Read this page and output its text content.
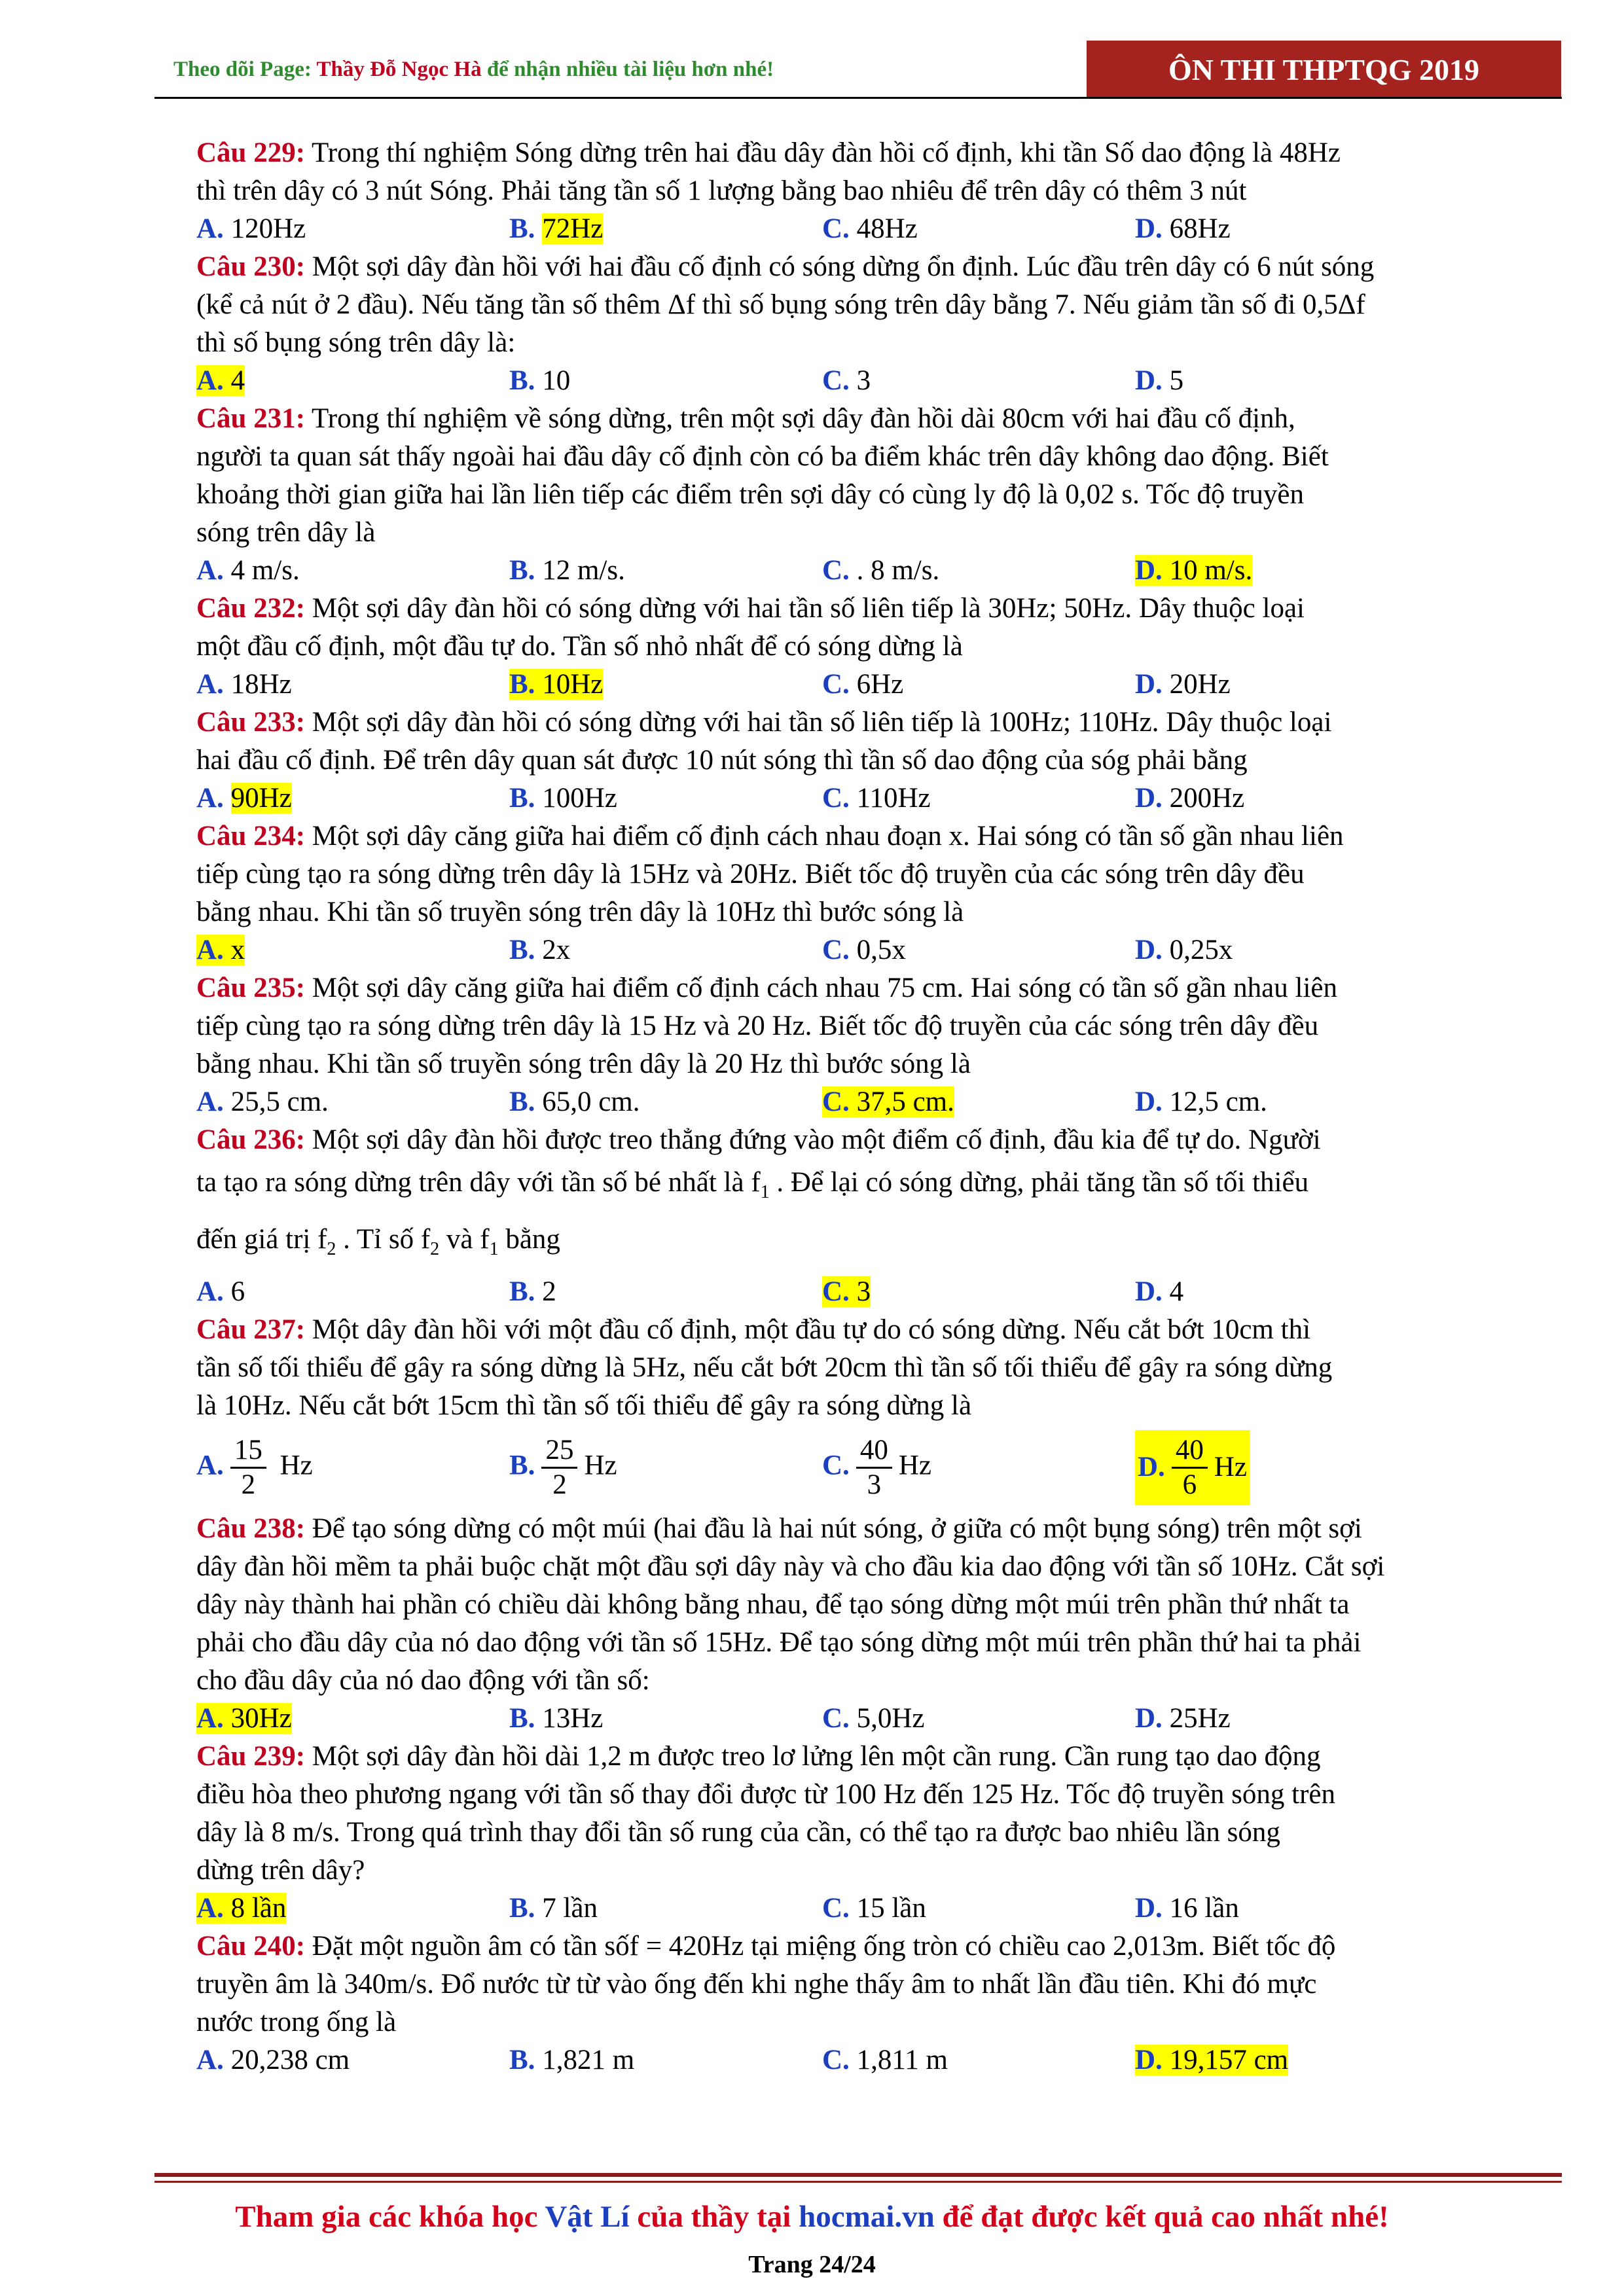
Theo dõi Page: Thầy Đỗ Ngọc Hà để nhận nhiều tài liệu hơn nhé!	ÔN THI THPTQG 2019
Câu 229: Trong thí nghiệm Sóng dừng trên hai đầu dây đàn hồi cố định, khi tần Số dao động là 48Hz
thì trên dây có 3 nút Sóng. Phải tăng tần số 1 lượng bằng bao nhiêu để trên dây có thêm 3 nút
A. 120Hz	B. 72Hz	C. 48Hz	D. 68Hz
Câu 230: Một sợi dây đàn hồi với hai đầu cố định có sóng dừng ổn định. Lúc đầu trên dây có 6 nút sóng
(kể cả nút ở 2 đầu). Nếu tăng tần số thêm Δf thì số bụng sóng trên dây bằng 7. Nếu giảm tần số đi 0,5Δf
thì số bụng sóng trên dây là:
A. 4	B. 10	C. 3	D. 5
Câu 231: Trong thí nghiệm về sóng dừng, trên một sợi dây đàn hồi dài 80cm với hai đầu cố định,
người ta quan sát thấy ngoài hai đầu dây cố định còn có ba điểm khác trên dây không dao động. Biết
khoảng thời gian giữa hai lần liên tiếp các điểm trên sợi dây có cùng ly độ là 0,02 s. Tốc độ truyền
sóng trên dây là
A. 4 m/s.	B. 12 m/s.	C. . 8 m/s.	D. 10 m/s.
Câu 232: Một sợi dây đàn hồi có sóng dừng với hai tần số liên tiếp là 30Hz; 50Hz. Dây thuộc loại
một đầu cố định, một đầu tự do. Tần số nhỏ nhất để có sóng dừng là
A. 18Hz	B. 10Hz	C. 6Hz	D. 20Hz
Câu 233: Một sợi dây đàn hồi có sóng dừng với hai tần số liên tiếp là 100Hz; 110Hz. Dây thuộc loại
hai đầu cố định. Để trên dây quan sát được 10 nút sóng thì tần số dao động của sóg phải bằng
A. 90Hz	B. 100Hz	C. 110Hz	D. 200Hz
Câu 234: Một sợi dây căng giữa hai điểm cố định cách nhau đoạn x. Hai sóng có tần số gần nhau liên
tiếp cùng tạo ra sóng dừng trên dây là 15Hz và 20Hz. Biết tốc độ truyền của các sóng trên dây đều
bằng nhau. Khi tần số truyền sóng trên dây là 10Hz thì bước sóng là
A. x	B. 2x	C. 0,5x	D. 0,25x
Câu 235: Một sợi dây căng giữa hai điểm cố định cách nhau 75 cm. Hai sóng có tần số gần nhau liên
tiếp cùng tạo ra sóng dừng trên dây là 15 Hz và 20 Hz. Biết tốc độ truyền của các sóng trên dây đều
bằng nhau. Khi tần số truyền sóng trên dây là 20 Hz thì bước sóng là
A. 25,5 cm.	B. 65,0 cm.	C. 37,5 cm.	D. 12,5 cm.
Câu 236: Một sợi dây đàn hồi được treo thẳng đứng vào một điểm cố định, đầu kia để tự do. Người
ta tạo ra sóng dừng trên dây với tần số bé nhất là $f_1$ . Để lại có sóng dừng, phải tăng tần số tối thiểu
đến giá trị $f_2$ . Tỉ số $f_2$ và $f_1$ bằng
A. 6	B. 2	C. 3	D. 4
Câu 237: Một dây đàn hồi với một đầu cố định, một đầu tự do có sóng dừng. Nếu cắt bớt 10cm thì
tần số tối thiểu để gây ra sóng dừng là 5Hz, nếu cắt bớt 20cm thì tần số tối thiểu để gây ra sóng dừng
là 10Hz. Nếu cắt bớt 15cm thì tần số tối thiểu để gây ra sóng dừng là
A. $\frac{15}{2}$ Hz	B. $\frac{25}{2}$ Hz	C. $\frac{40}{3}$ Hz	D. $\frac{40}{6}$ Hz
Câu 238: Để tạo sóng dừng có một múi (hai đầu là hai nút sóng, ở giữa có một bụng sóng) trên một sợi
dây đàn hồi mềm ta phải buộc chặt một đầu sợi dây này và cho đầu kia dao động với tần số 10Hz. Cắt sợi
dây này thành hai phần có chiều dài không bằng nhau, để tạo sóng dừng một múi trên phần thứ nhất ta
phải cho đầu dây của nó dao động với tần số 15Hz. Để tạo sóng dừng một múi trên phần thứ hai ta phải
cho đầu dây của nó dao động với tần số:
A. 30Hz	B. 13Hz	C. 5,0Hz	D. 25Hz
Câu 239: Một sợi dây đàn hồi dài 1,2 m được treo lơ lửng lên một cần rung. Cần rung tạo dao động
điều hòa theo phương ngang với tần số thay đổi được từ 100 Hz đến 125 Hz. Tốc độ truyền sóng trên
dây là 8 m/s. Trong quá trình thay đổi tần số rung của cần, có thể tạo ra được bao nhiêu lần sóng
dừng trên dây?
A. 8 lần	B. 7 lần	C. 15 lần	D. 16 lần
Câu 240: Đặt một nguồn âm có tần sốf = 420Hz tại miệng ống tròn có chiều cao 2,013m. Biết tốc độ
truyền âm là 340m/s. Đổ nước từ từ vào ống đến khi nghe thấy âm to nhất lần đầu tiên. Khi đó mực
nước trong ống là
A. 20,238 cm	B. 1,821 m	C. 1,811 m	D. 19,157 cm
Tham gia các khóa học Vật Lí của thầy tại hocmai.vn để đạt được kết quả cao nhất nhé!
Trang 24/24
